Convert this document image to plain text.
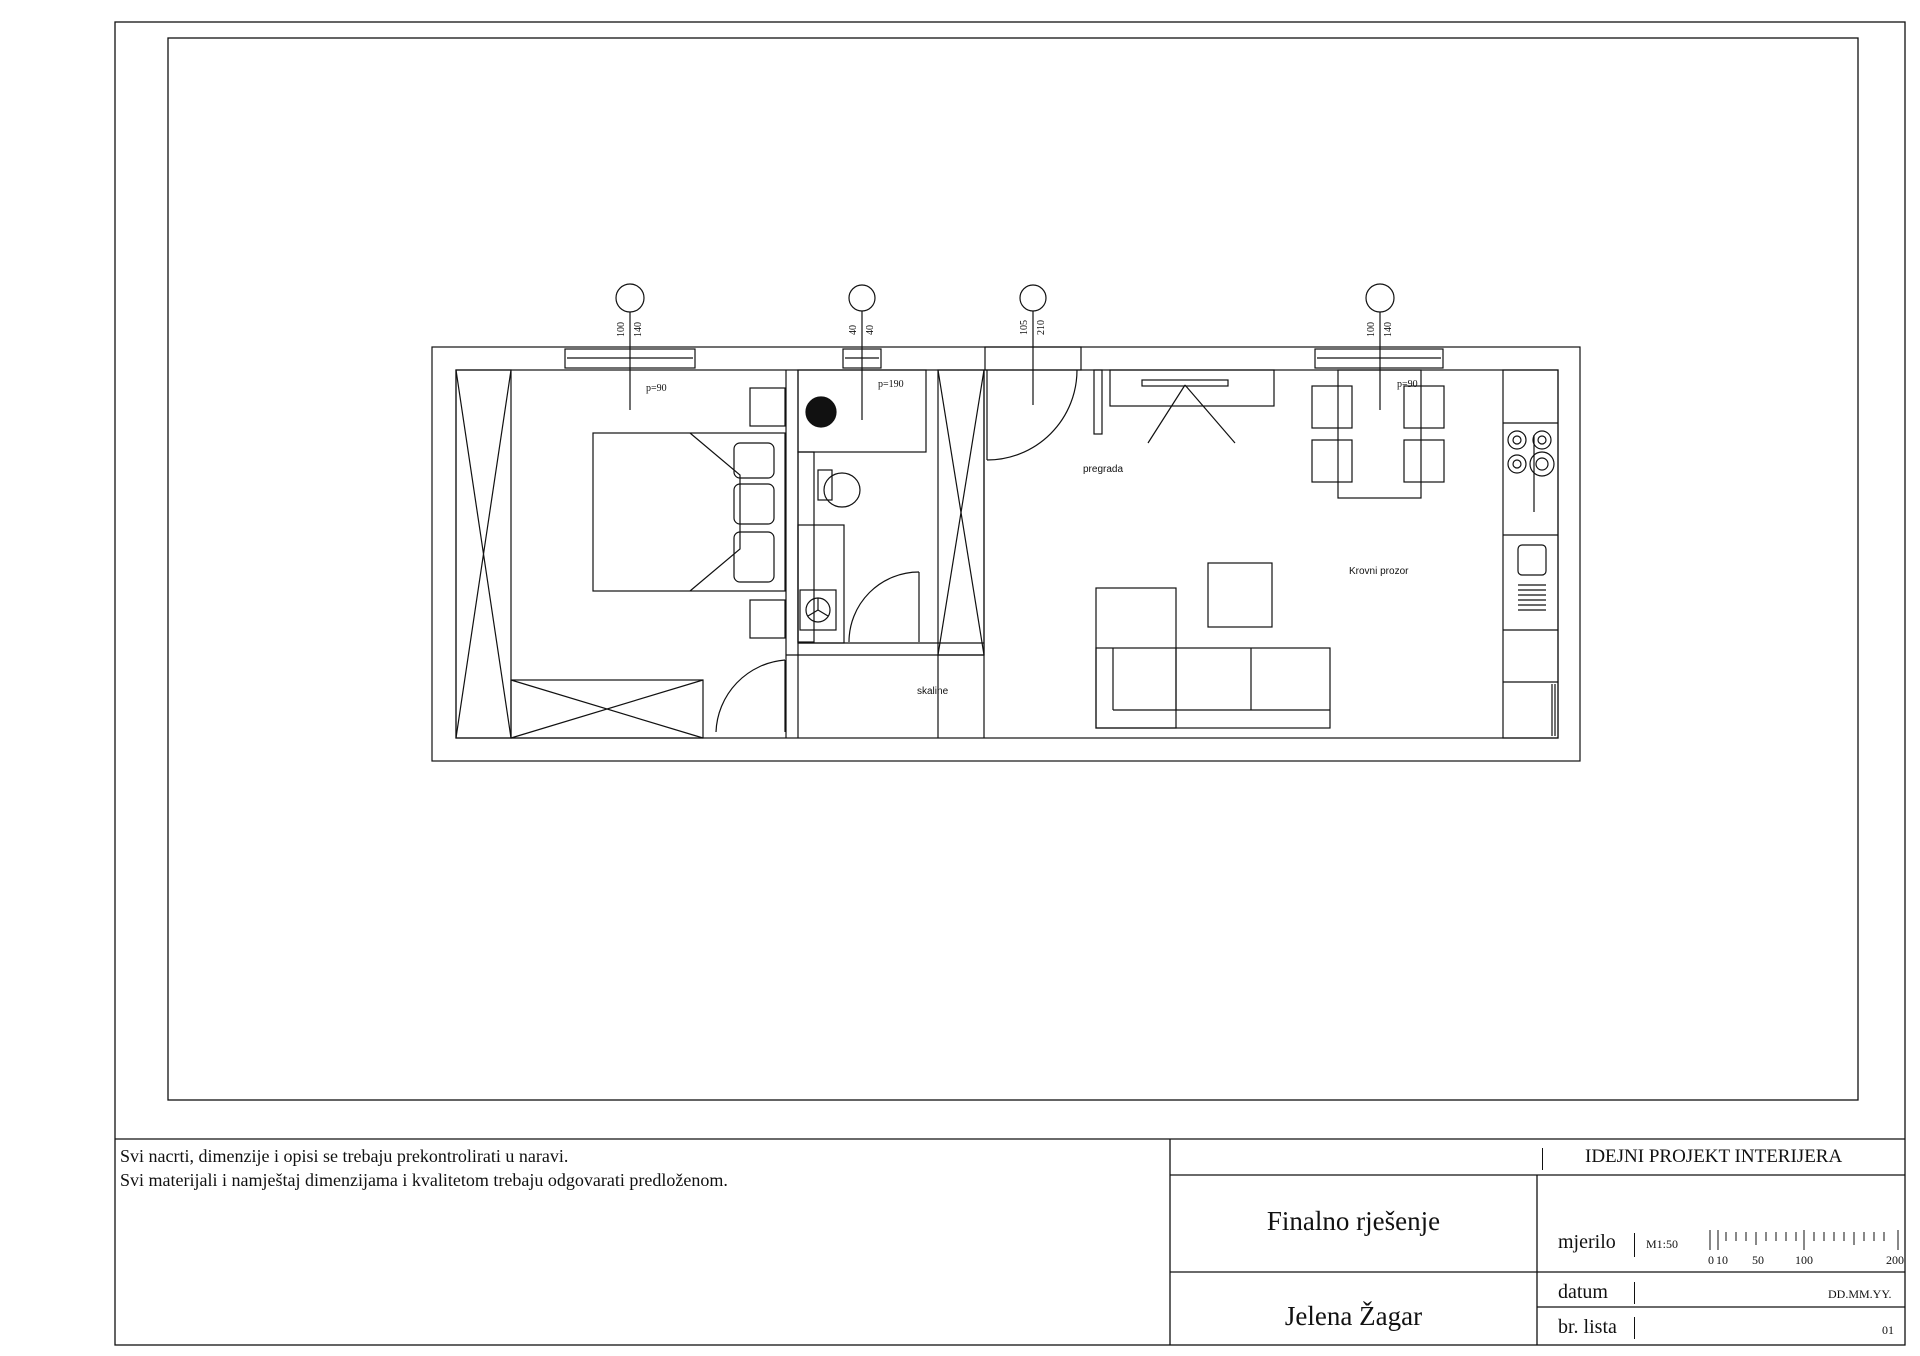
100 140	40 40	105 210	100 140
p=90	p=190	p=90
pregrada
skaline
Krovni prozor
Svi nacrti, dimenzije i opisi se trebaju prekontrolirati u naravi.
Svi materijali i namještaj dimenzijama i kvalitetom trebaju odgovarati predloženom.
IDEJNI PROJEKT INTERIJERA
Finalno rješenje
Jelena Žagar
mjerilo	M1:50
0 10 50	100	200
datum	DD.MM.YY.
br. lista	01
